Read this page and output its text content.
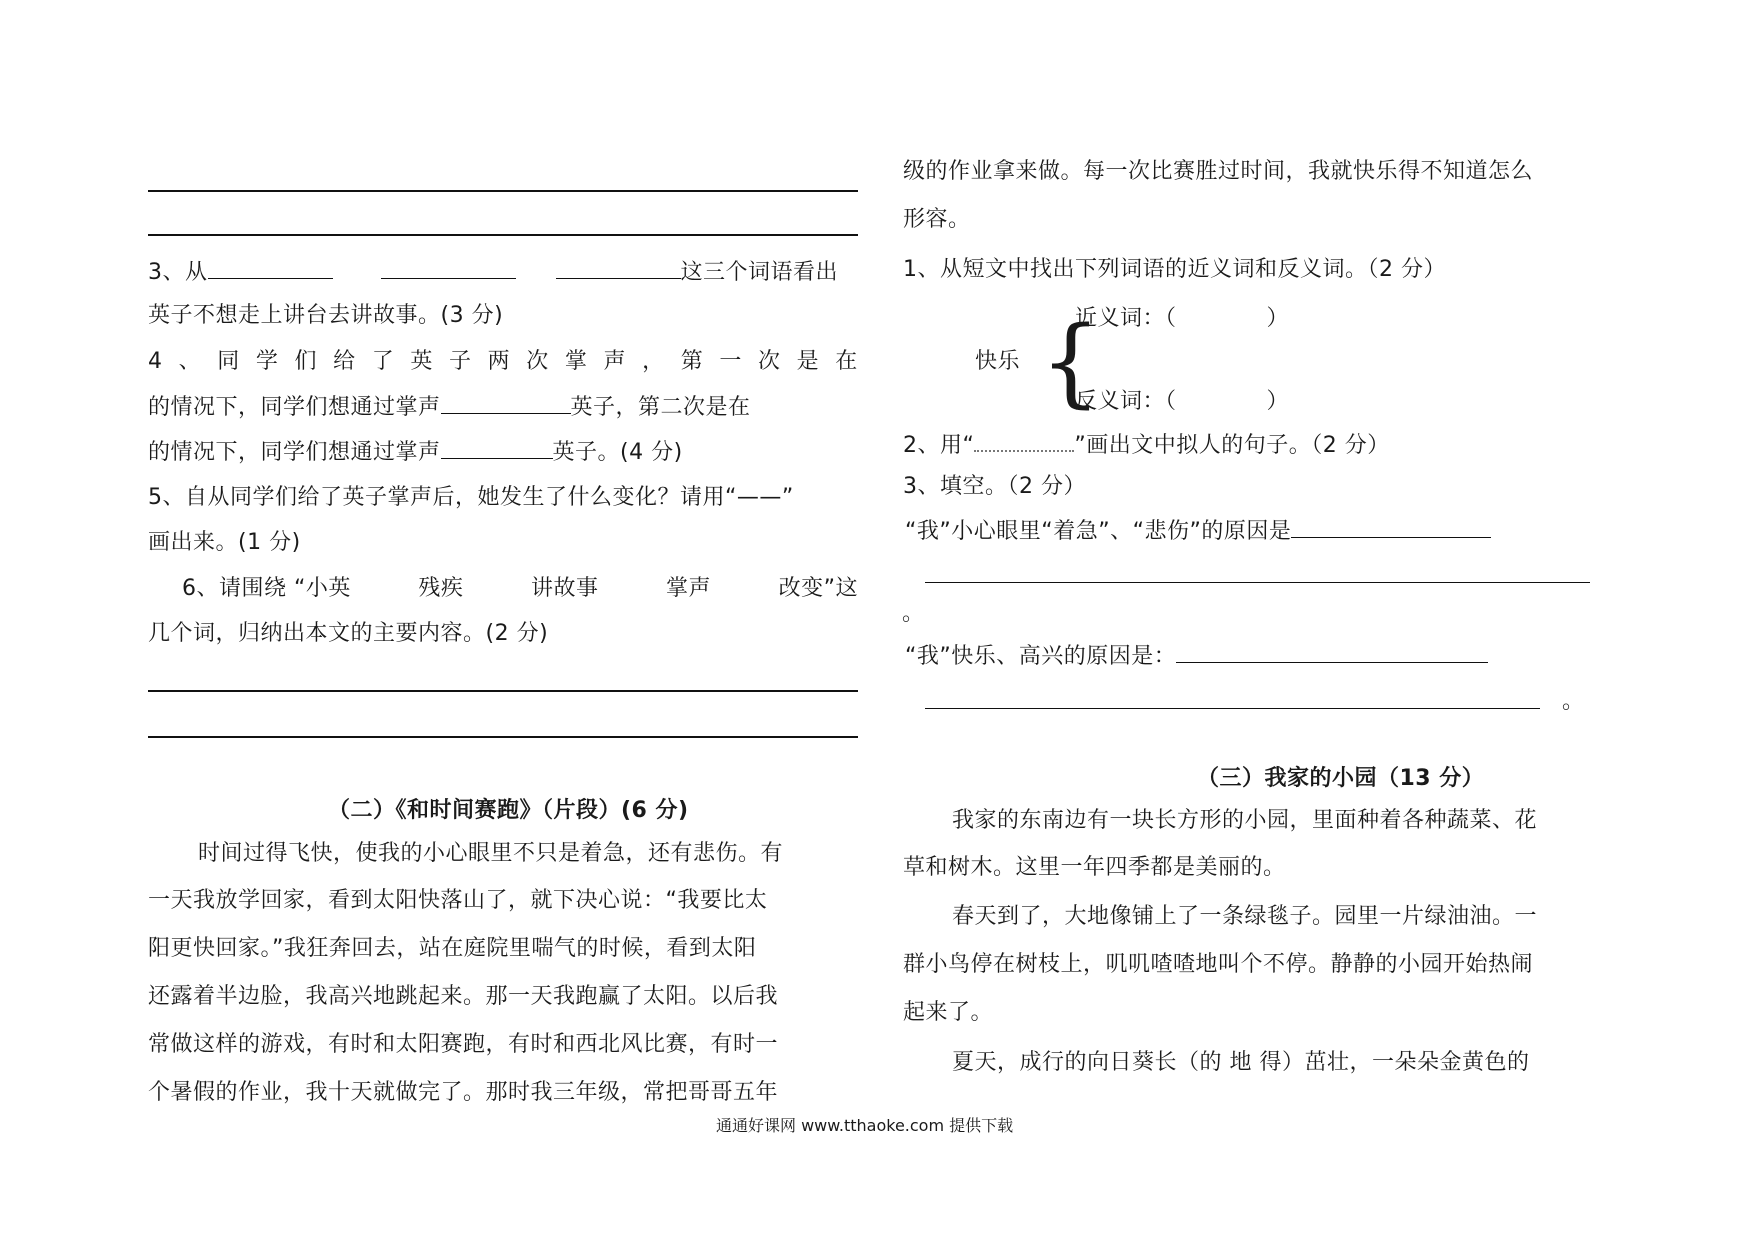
3、从	这三个词语看出
英子不想走上讲台去讲故事。(3 分)
4 、 同 学 们 给 了 英 子 两 次 掌 声 ， 第 一 次 是 在
的情况下，同学们想通过掌声	英子，第二次是在
的情况下，同学们想通过掌声	英子。(4 分)
5、自从同学们给了英子掌声后，她发生了什么变化？请用“——”
画出来。(1 分)
6、请围绕 “小英	残疾	讲故事	掌声	改变”这
几个词，归纳出本文的主要内容。(2 分)
（二）《和时间赛跑》（片段）(6 分)
时间过得飞快，使我的小心眼里不只是着急，还有悲伤。有
一天我放学回家，看到太阳快落山了，就下决心说：“我要比太
阳更快回家。”我狂奔回去，站在庭院里喘气的时候，看到太阳
还露着半边脸，我高兴地跳起来。那一天我跑赢了太阳。以后我
常做这样的游戏，有时和太阳赛跑，有时和西北风比赛，有时一
个暑假的作业，我十天就做完了。那时我三年级，常把哥哥五年
级的作业拿来做。每一次比赛胜过时间，我就快乐得不知道怎么
形容。
1、从短文中找出下列词语的近义词和反义词。（2 分）
近义词：（	）
{
快乐
反义词：（	）
2、用“	”画出文中拟人的句子。（2 分）
3、填空。（2 分）
“我”小心眼里“着急”、“悲伤”的原因是
。
“我”快乐、高兴的原因是：
。
（三）我家的小园（13 分）
我家的东南边有一块长方形的小园，里面种着各种蔬菜、花
草和树木。这里一年四季都是美丽的。
春天到了，大地像铺上了一条绿毯子。园里一片绿油油。一
群小鸟停在树枝上，叽叽喳喳地叫个不停。静静的小园开始热闹
起来了。
夏天，成行的向日葵长（的 地 得）茁壮，一朵朵金黄色的
通通好课网 www.tthaoke.com 提供下载
